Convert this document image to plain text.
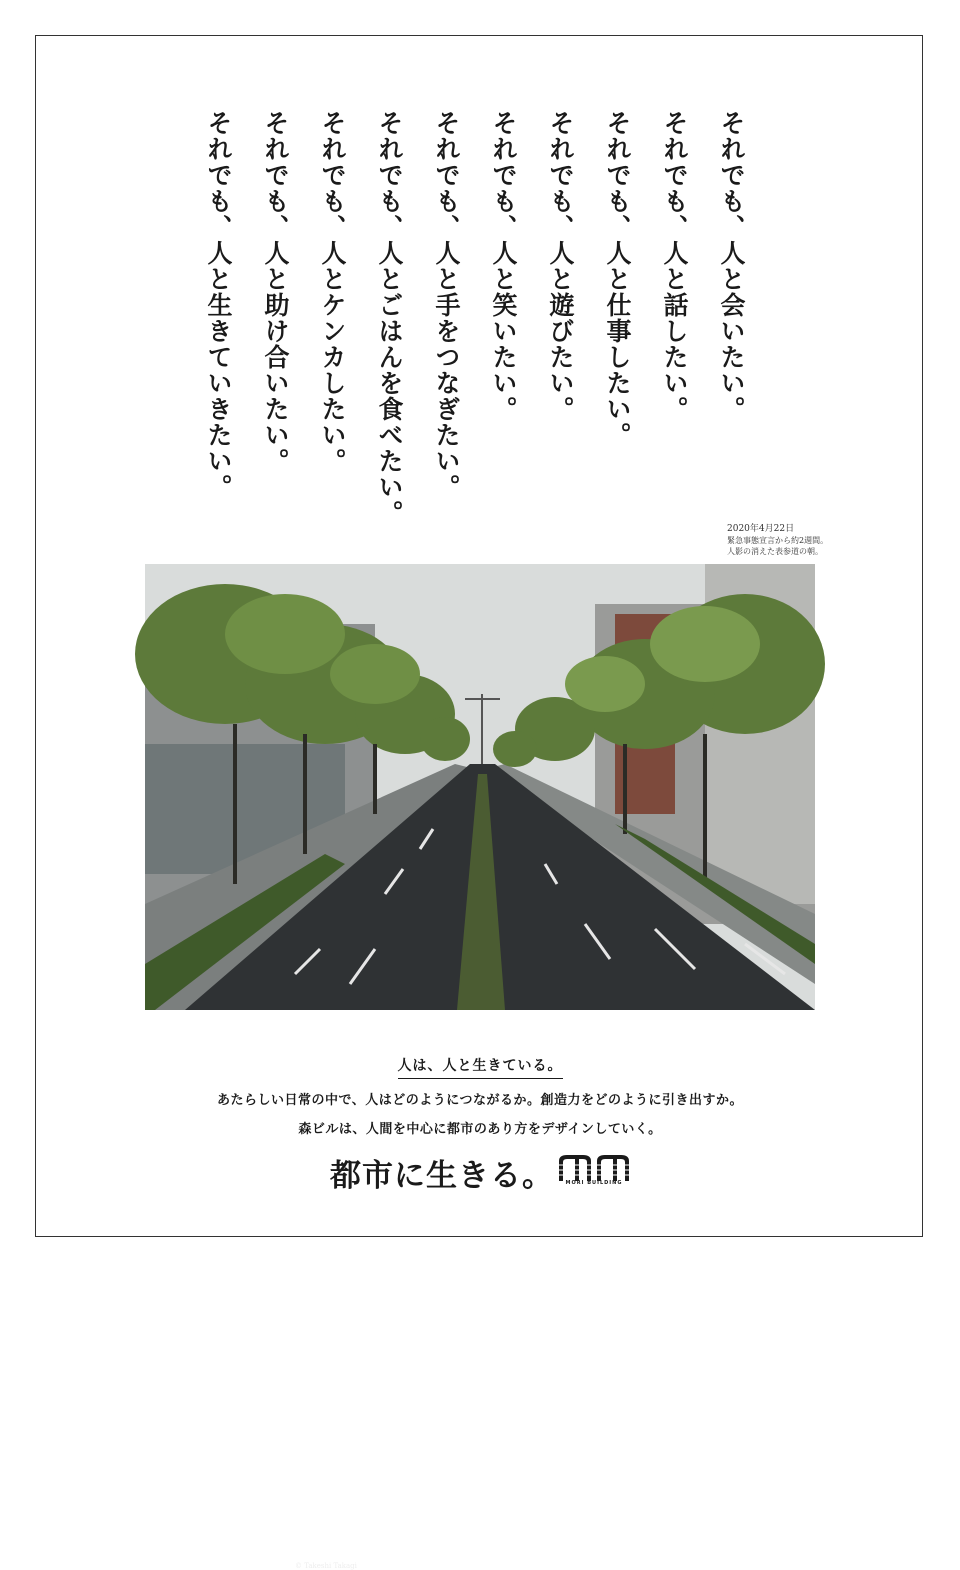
それでも、人と会いたい。
それでも、人と話したい。
それでも、人と仕事したい。
それでも、人と遊びたい。
それでも、人と笑いたい。
それでも、人と手をつなぎたい。
それでも、人とごはんを食べたい。
それでも、人とケンカしたい。
それでも、人と助け合いたい。
それでも、人と生きていきたい。
2020年4月22日
緊急事態宣言から約2週間。
人影の消えた表参道の朝。
© Takeshi Takagi
人は、人と生きている。
あたらしい日常の中で、人はどのようにつながるか。創造力をどのように引き出すか。
森ビルは、人間を中心に都市のあり方をデザインしていく。
都市に生きる。	MORI BUILDING
